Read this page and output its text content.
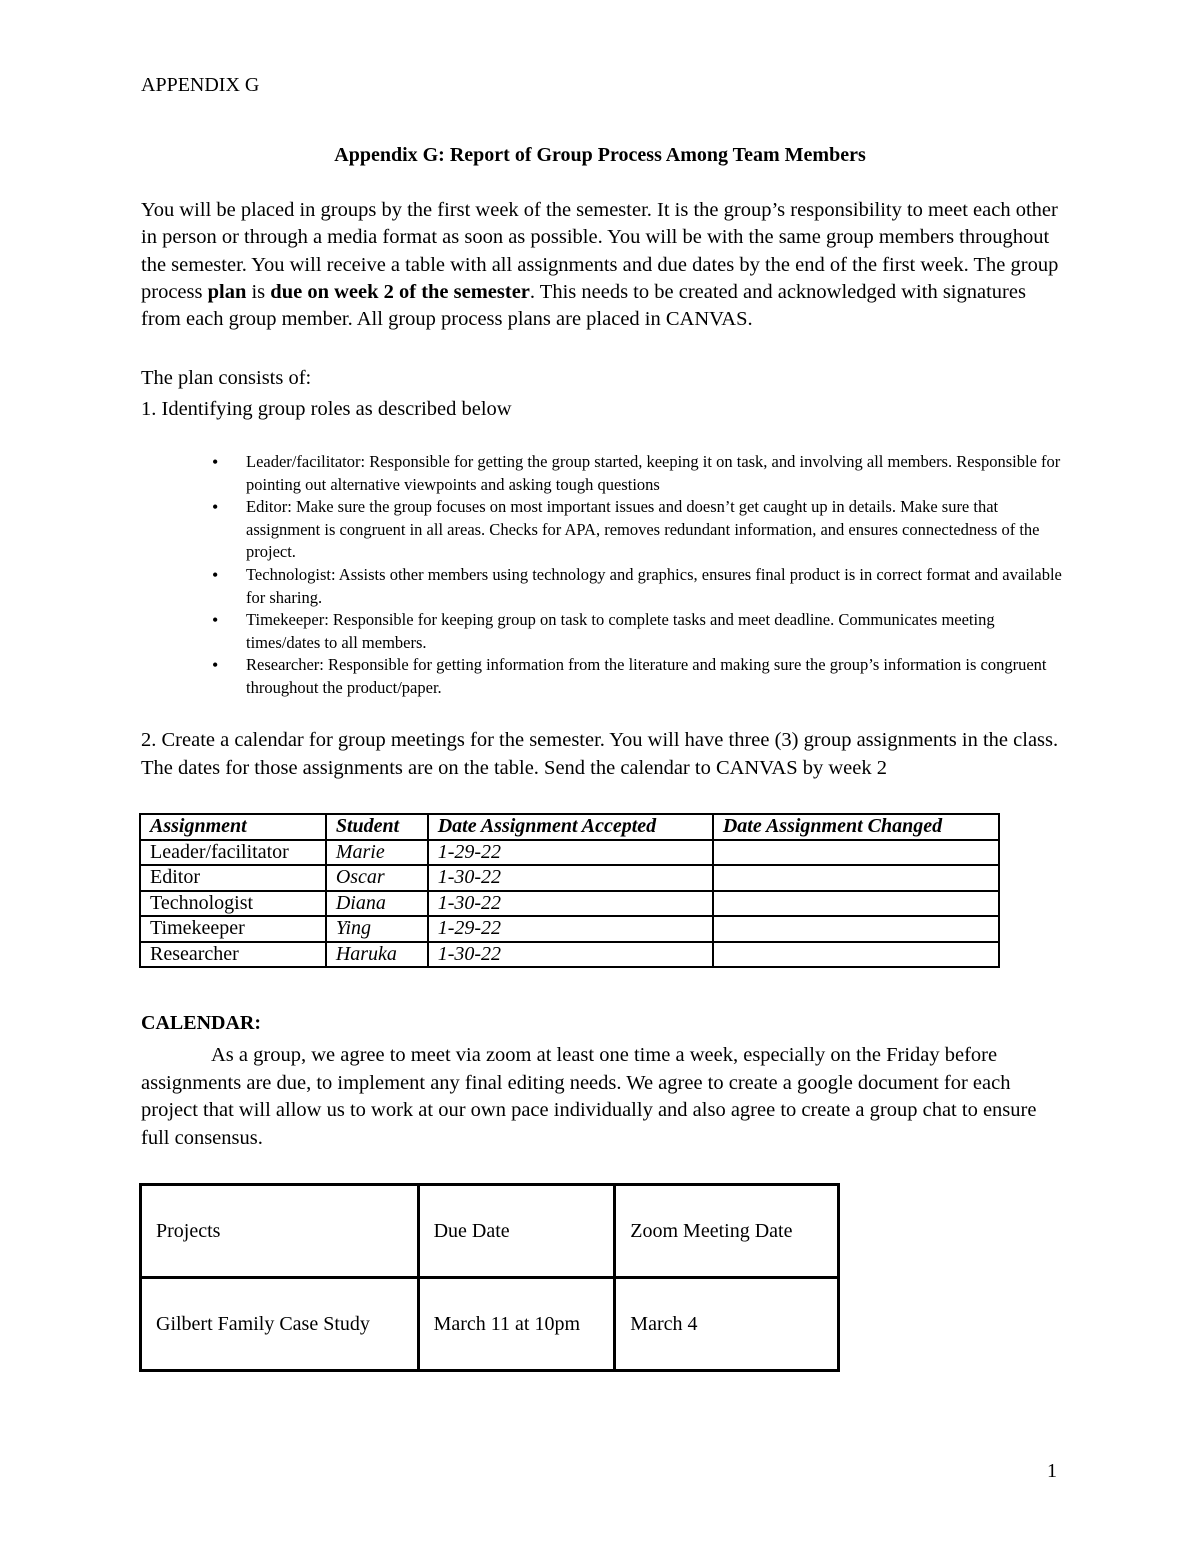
APPENDIX G
Appendix G: Report of Group Process Among Team Members

You will be placed in groups by the first week of the semester. It is the group’s responsibility to meet each other in person or through a media format as soon as possible. You will be with the same group members throughout the semester. You will receive a table with all assignments and due dates by the end of the first week. The group process plan is due on week 2 of the semester. This needs to be created and acknowledged with signatures from each group member. All group process plans are placed in CANVAS.

The plan consists of:

1. Identifying group roles as described below

• Leader/facilitator: Responsible for getting the group started, keeping it on task, and involving all members. Responsible for pointing out alternative viewpoints and asking tough questions
• Editor: Make sure the group focuses on most important issues and doesn’t get caught up in details. Make sure that assignment is congruent in all areas. Checks for APA, removes redundant information, and ensures connectedness of the project.
• Technologist: Assists other members using technology and graphics, ensures final product is in correct format and available for sharing.
• Timekeeper: Responsible for keeping group on task to complete tasks and meet deadline. Communicates meeting times/dates to all members.
• Researcher: Responsible for getting information from the literature and making sure the group’s information is congruent throughout the product/paper.

2. Create a calendar for group meetings for the semester. You will have three (3) group assignments in the class. The dates for those assignments are on the table. Send the calendar to CANVAS by week 2

Assignment	Student	Date Assignment Accepted	Date Assignment Changed
Leader/facilitator	Marie	1-29-22	
Editor	Oscar	1-30-22	
Technologist	Diana	1-30-22	
Timekeeper	Ying	1-29-22	
Researcher	Haruka	1-30-22	

CALENDAR:

As a group, we agree to meet via zoom at least one time a week, especially on the Friday before assignments are due, to implement any final editing needs. We agree to create a google document for each project that will allow us to work at our own pace individually and also agree to create a group chat to ensure full consensus.

Projects	Due Date	Zoom Meeting Date
Gilbert Family Case Study	March 11 at 10pm	March 4
1
